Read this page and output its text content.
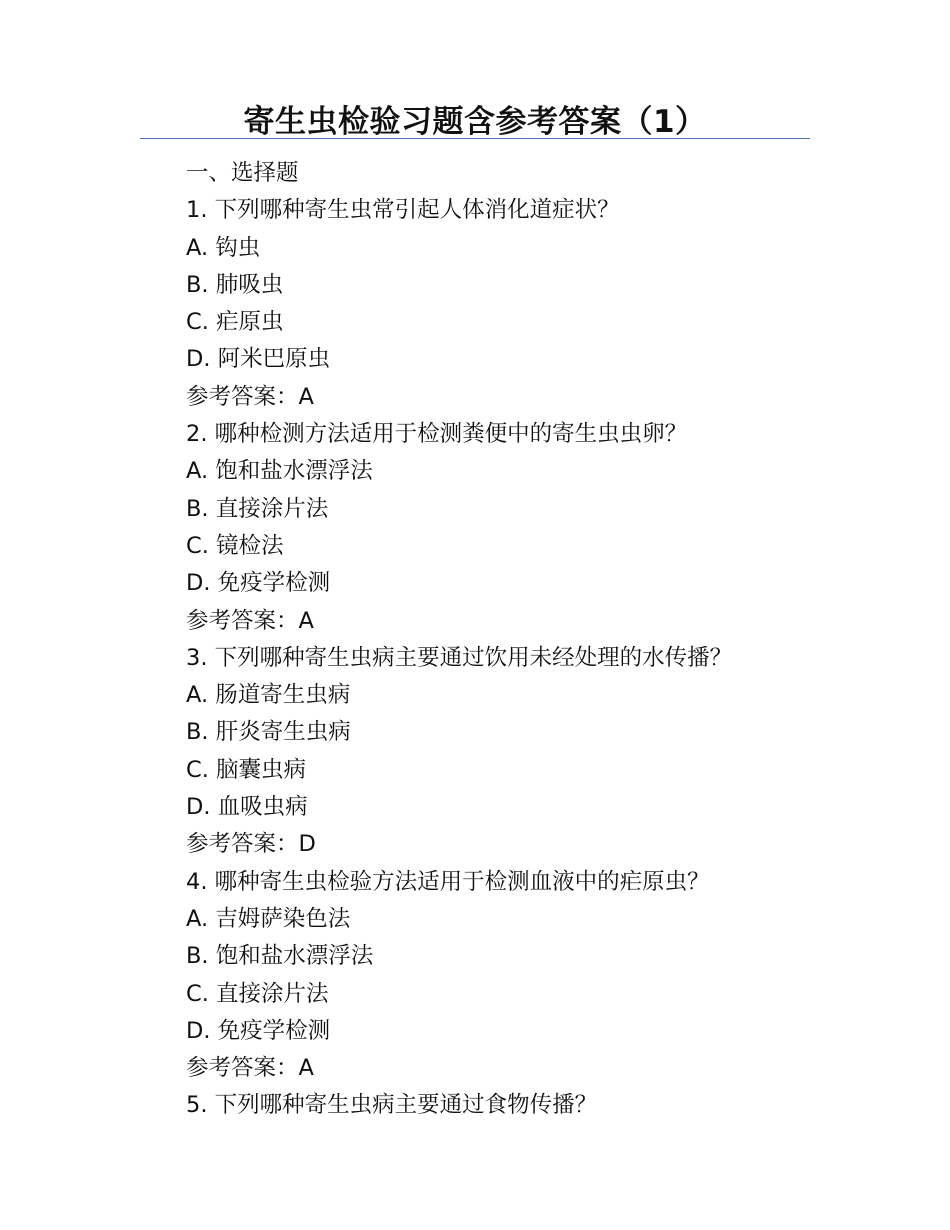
寄生虫检验习题含参考答案（1）
一、选择题
1. 下列哪种寄生虫常引起人体消化道症状？
A. 钩虫
B. 肺吸虫
C. 疟原虫
D. 阿米巴原虫
参考答案：A
2. 哪种检测方法适用于检测粪便中的寄生虫虫卵？
A. 饱和盐水漂浮法
B. 直接涂片法
C. 镜检法
D. 免疫学检测
参考答案：A
3. 下列哪种寄生虫病主要通过饮用未经处理的水传播？
A. 肠道寄生虫病
B. 肝炎寄生虫病
C. 脑囊虫病
D. 血吸虫病
参考答案：D
4. 哪种寄生虫检验方法适用于检测血液中的疟原虫？
A. 吉姆萨染色法
B. 饱和盐水漂浮法
C. 直接涂片法
D. 免疫学检测
参考答案：A
5. 下列哪种寄生虫病主要通过食物传播？
